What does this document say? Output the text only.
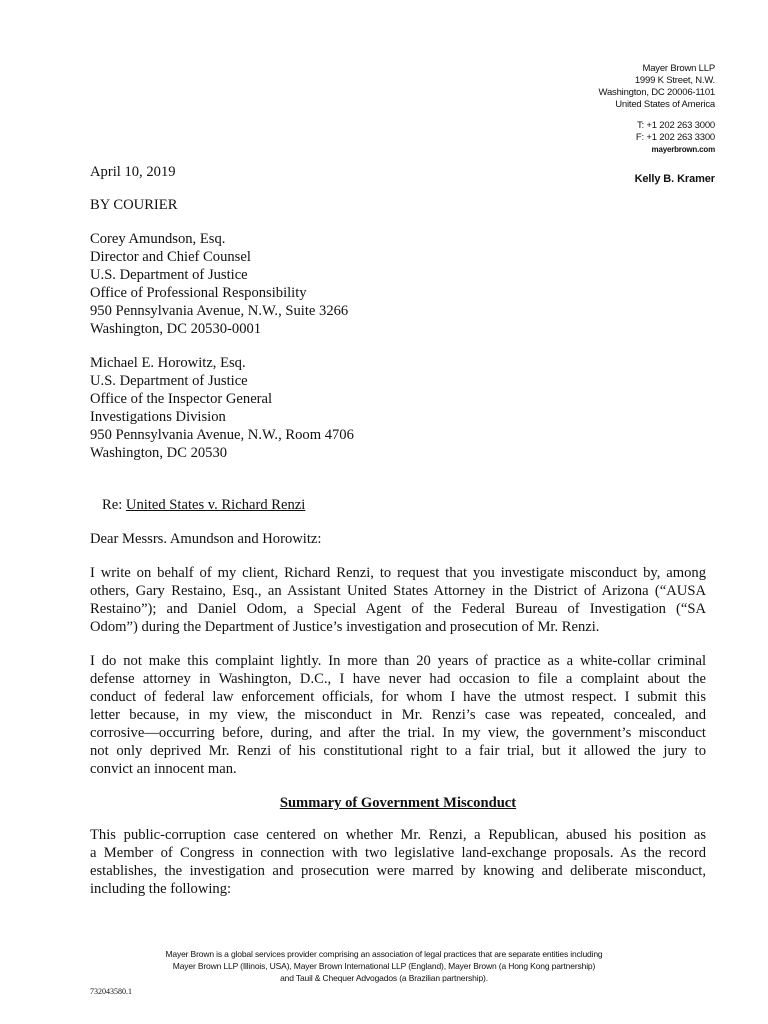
Mayer Brown LLP
1999 K Street, N.W.
Washington, DC 20006-1101
United States of America
T: +1 202 263 3000
F: +1 202 263 3300
mayerbrown.com
Kelly B. Kramer
April 10, 2019
BY COURIER
Corey Amundson, Esq.
Director and Chief Counsel
U.S. Department of Justice
Office of Professional Responsibility
950 Pennsylvania Avenue, N.W., Suite 3266
Washington, DC 20530-0001
Michael E. Horowitz, Esq.
U.S. Department of Justice
Office of the Inspector General
Investigations Division
950 Pennsylvania Avenue, N.W., Room 4706
Washington, DC 20530
Re: United States v. Richard Renzi
Dear Messrs. Amundson and Horowitz:
I write on behalf of my client, Richard Renzi, to request that you investigate misconduct by, among
others, Gary Restaino, Esq., an Assistant United States Attorney in the District of Arizona (“AUSA
Restaino”); and Daniel Odom, a Special Agent of the Federal Bureau of Investigation (“SA
Odom”) during the Department of Justice’s investigation and prosecution of Mr. Renzi.
I do not make this complaint lightly. In more than 20 years of practice as a white-collar criminal
defense attorney in Washington, D.C., I have never had occasion to file a complaint about the
conduct of federal law enforcement officials, for whom I have the utmost respect. I submit this
letter because, in my view, the misconduct in Mr. Renzi’s case was repeated, concealed, and
corrosive—occurring before, during, and after the trial. In my view, the government’s misconduct
not only deprived Mr. Renzi of his constitutional right to a fair trial, but it allowed the jury to
convict an innocent man.
Summary of Government Misconduct
This public-corruption case centered on whether Mr. Renzi, a Republican, abused his position as
a Member of Congress in connection with two legislative land-exchange proposals. As the record
establishes, the investigation and prosecution were marred by knowing and deliberate misconduct,
including the following:
Mayer Brown is a global services provider comprising an association of legal practices that are separate entities including
Mayer Brown LLP (Illinois, USA), Mayer Brown International LLP (England), Mayer Brown (a Hong Kong partnership)
and Tauil & Chequer Advogados (a Brazilian partnership).
732043580.1
